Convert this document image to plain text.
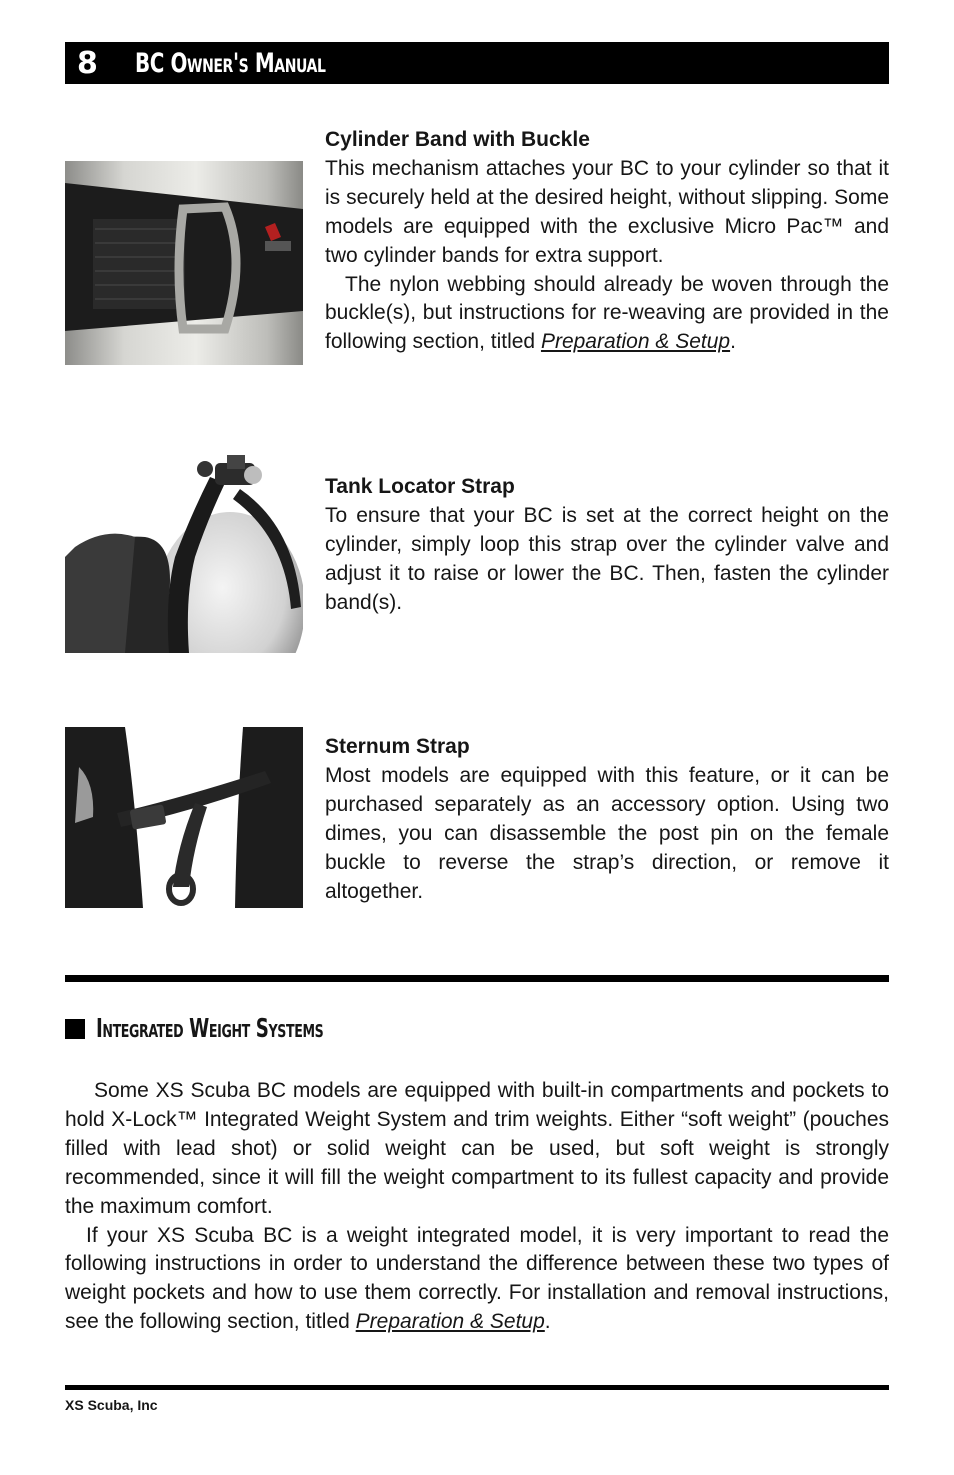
8	BC Owner's Manual
Cylinder Band with Buckle
This mechanism attaches your BC to your cylinder so that it is securely held at the desired height, without slipping. Some models are equipped with the exclusive Micro Pac™ and two cylinder bands for extra support.
The nylon webbing should already be woven through the buckle(s), but instructions for re-weaving are provided in the following section, titled Preparation & Setup.
Tank Locator Strap
To ensure that your BC is set at the correct height on the cylinder, simply loop this strap over the cylinder valve and adjust it to raise or lower the BC. Then, fasten the cylinder band(s).
Sternum Strap
Most models are equipped with this feature, or it can be purchased separately as an accessory option. Using two dimes, you can disassemble the post pin on the female buckle to reverse the strap’s direction, or remove it altogether.
Integrated Weight Systems

Some XS Scuba BC models are equipped with built-in compartments and pockets to hold X-Lock™ Integrated Weight System and trim weights. Either “soft weight” (pouches filled with lead shot) or solid weight can be used, but soft weight is strongly recommended, since it will fill the weight compartment to its fullest capacity and provide the maximum comfort.

If your XS Scuba BC is a weight integrated model, it is very important to read the following instructions in order to understand the difference between these two types of weight pockets and how to use them correctly. For installation and removal instructions, see the following section, titled Preparation & Setup.

XS Scuba, Inc
